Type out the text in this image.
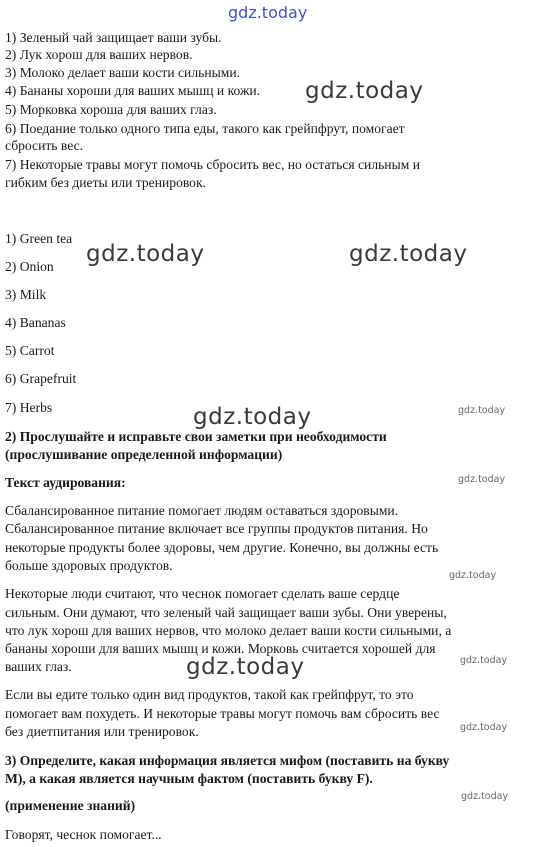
gdz.today
1) Зеленый чай защищает ваши зубы.
2) Лук хорош для ваших нервов.
3) Молоко делает ваши кости сильными.
4) Бананы хороши для ваших мышц и кожи.
5) Морковка хороша для ваших глаз.
6) Поедание только одного типа еды, такого как грейпфрут, помогает
сбросить вес.
7) Некоторые травы могут помочь сбросить вес, но остаться сильным и
гибким без диеты или тренировок.
gdz.today
1) Green tea
2) Onion
3) Milk
4) Bananas
5) Carrot
6) Grapefruit
7) Herbs
gdz.today	gdz.today
gdz.today	gdz.today
2) Прослушайте и исправьте свои заметки при необходимости
(прослушивание определенной информации)
Текст аудирования:	gdz.today
Сбалансированное питание помогает людям оставаться здоровыми.
Сбалансированное питание включает все группы продуктов питания. Но
некоторые продукты более здоровы, чем другие. Конечно, вы должны есть
больше здоровых продуктов.
gdz.today
Некоторые люди считают, что чеснок помогает сделать ваше сердце
сильным. Они думают, что зеленый чай защищает ваши зубы. Они уверены,
что лук хорош для ваших нервов, что молоко делает ваши кости сильными, а
бананы хороши для ваших мышц и кожи. Морковь считается хорошей для
ваших глаз.	gdz.today	gdz.today
Если вы едите только один вид продуктов, такой как грейпфрут, то это
помогает вам похудеть. И некоторые травы могут помочь вам сбросить вес
без диетпитания или тренировок.	gdz.today
3) Определите, какая информация является мифом (поставить на букву
M), а какая является научным фактом (поставить букву F).
(применение знаний)
gdz.today
Говорят, чеснок помогает...
